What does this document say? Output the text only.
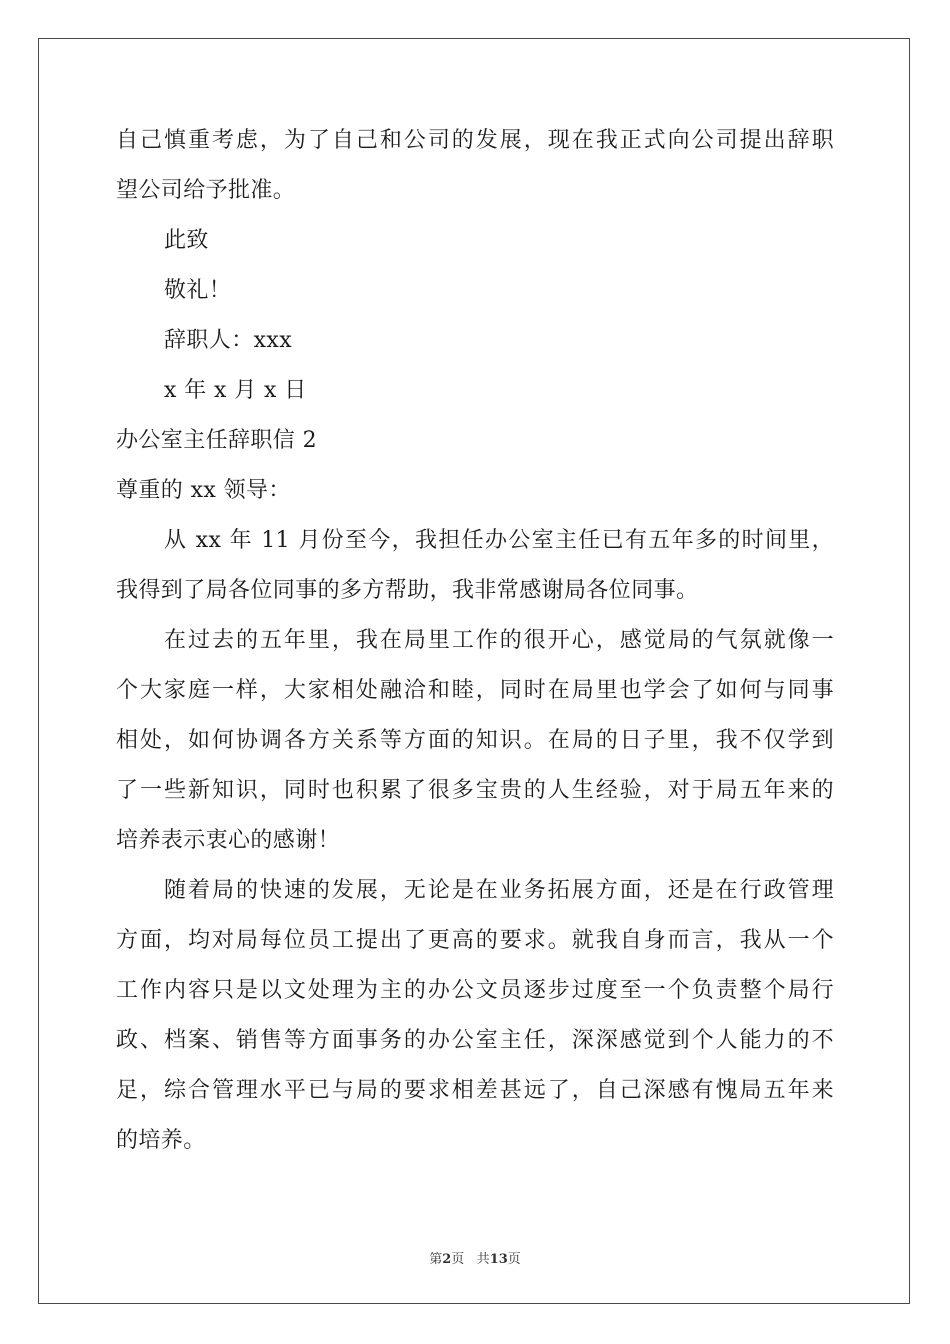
自己慎重考虑，为了自己和公司的发展，现在我正式向公司提出辞职
望公司给予批准。
此致
敬礼！
辞职人：xxx
x 年 x 月 x 日
办公室主任辞职信 2
尊重的 xx 领导：
从 xx 年 11 月份至今，我担任办公室主任已有五年多的时间里，
我得到了局各位同事的多方帮助，我非常感谢局各位同事。
在过去的五年里，我在局里工作的很开心，感觉局的气氛就像一
个大家庭一样，大家相处融洽和睦，同时在局里也学会了如何与同事
相处，如何协调各方关系等方面的知识。在局的日子里，我不仅学到
了一些新知识，同时也积累了很多宝贵的人生经验，对于局五年来的
培养表示衷心的感谢！
随着局的快速的发展，无论是在业务拓展方面，还是在行政管理
方面，均对局每位员工提出了更高的要求。就我自身而言，我从一个
工作内容只是以文处理为主的办公文员逐步过度至一个负责整个局行
政、档案、销售等方面事务的办公室主任，深深感觉到个人能力的不
足，综合管理水平已与局的要求相差甚远了，自己深感有愧局五年来
的培养。
第2页 共13页
